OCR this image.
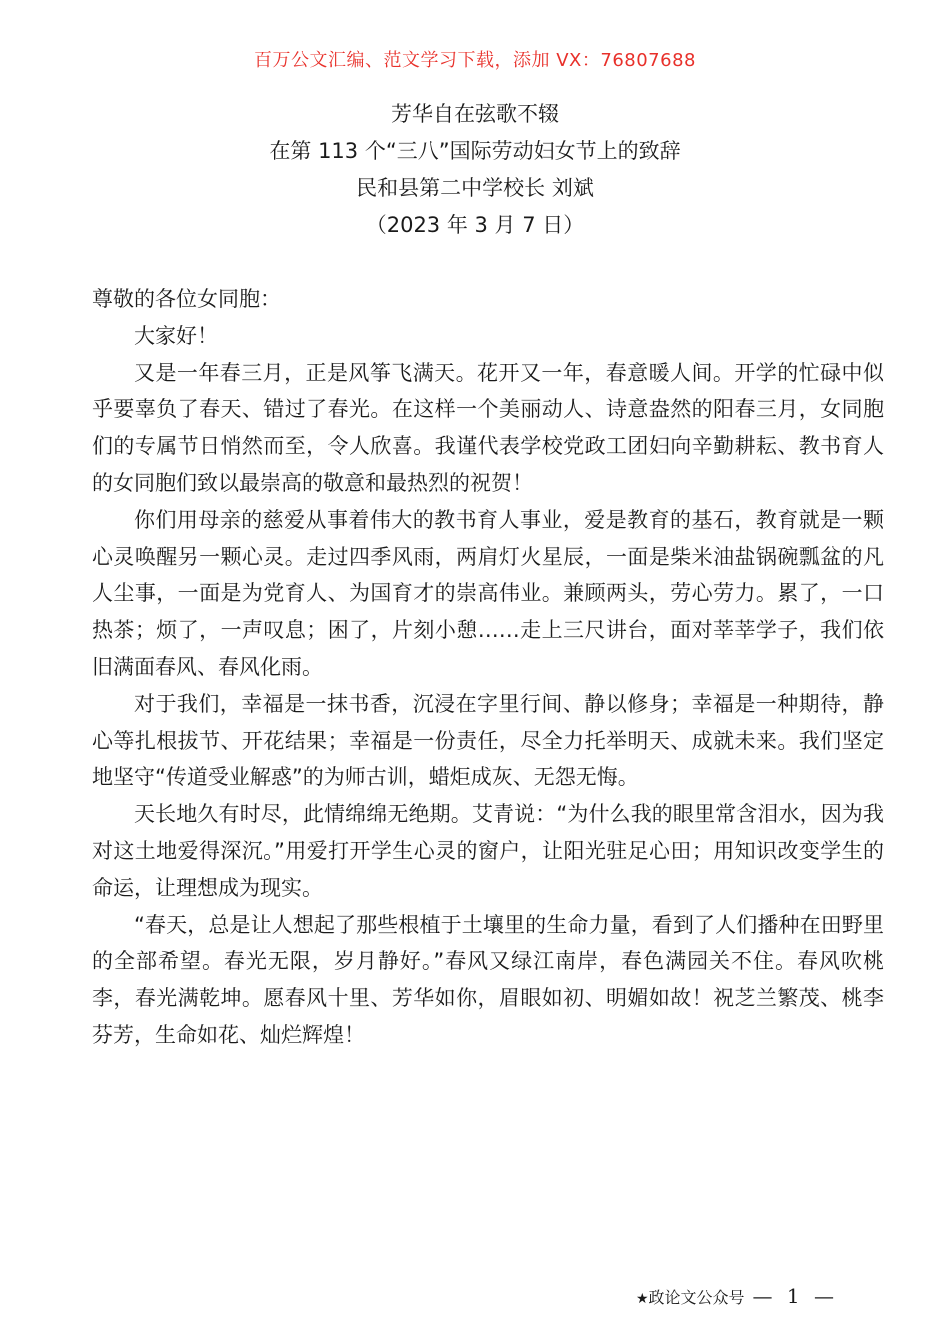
百万公文汇编、范文学习下载，添加 VX：76807688
芳华自在弦歌不辍
在第 113 个“三八”国际劳动妇女节上的致辞
民和县第二中学校长 刘斌
（2023 年 3 月 7 日）

尊敬的各位女同胞：

大家好！

又是一年春三月，正是风筝飞满天。花开又一年，春意暖人间。开学的忙碌中似乎要辜负了春天、错过了春光。在这样一个美丽动人、诗意盎然的阳春三月，女同胞们的专属节日悄然而至，令人欣喜。我谨代表学校党政工团妇向辛勤耕耘、教书育人的女同胞们致以最崇高的敬意和最热烈的祝贺！

你们用母亲的慈爱从事着伟大的教书育人事业，爱是教育的基石，教育就是一颗心灵唤醒另一颗心灵。走过四季风雨，两肩灯火星辰，一面是柴米油盐锅碗瓢盆的凡人尘事，一面是为党育人、为国育才的崇高伟业。兼顾两头，劳心劳力。累了，一口热茶；烦了，一声叹息；困了，片刻小憩……走上三尺讲台，面对莘莘学子，我们依旧满面春风、春风化雨。

对于我们，幸福是一抹书香，沉浸在字里行间、静以修身；幸福是一种期待，静心等扎根拔节、开花结果；幸福是一份责任，尽全力托举明天、成就未来。我们坚定地坚守“传道受业解惑”的为师古训，蜡炬成灰、无怨无悔。

天长地久有时尽，此情绵绵无绝期。艾青说：“为什么我的眼里常含泪水，因为我对这土地爱得深沉。”用爱打开学生心灵的窗户，让阳光驻足心田；用知识改变学生的命运，让理想成为现实。

“春天，总是让人想起了那些根植于土壤里的生命力量，看到了人们播种在田野里的全部希望。春光无限，岁月静好。”春风又绿江南岸，春色满园关不住。春风吹桃李，春光满乾坤。愿春风十里、芳华如你，眉眼如初、明媚如故！祝芝兰繁茂、桃李芬芳，生命如花、灿烂辉煌！

★政论文公众号 — 1 —
